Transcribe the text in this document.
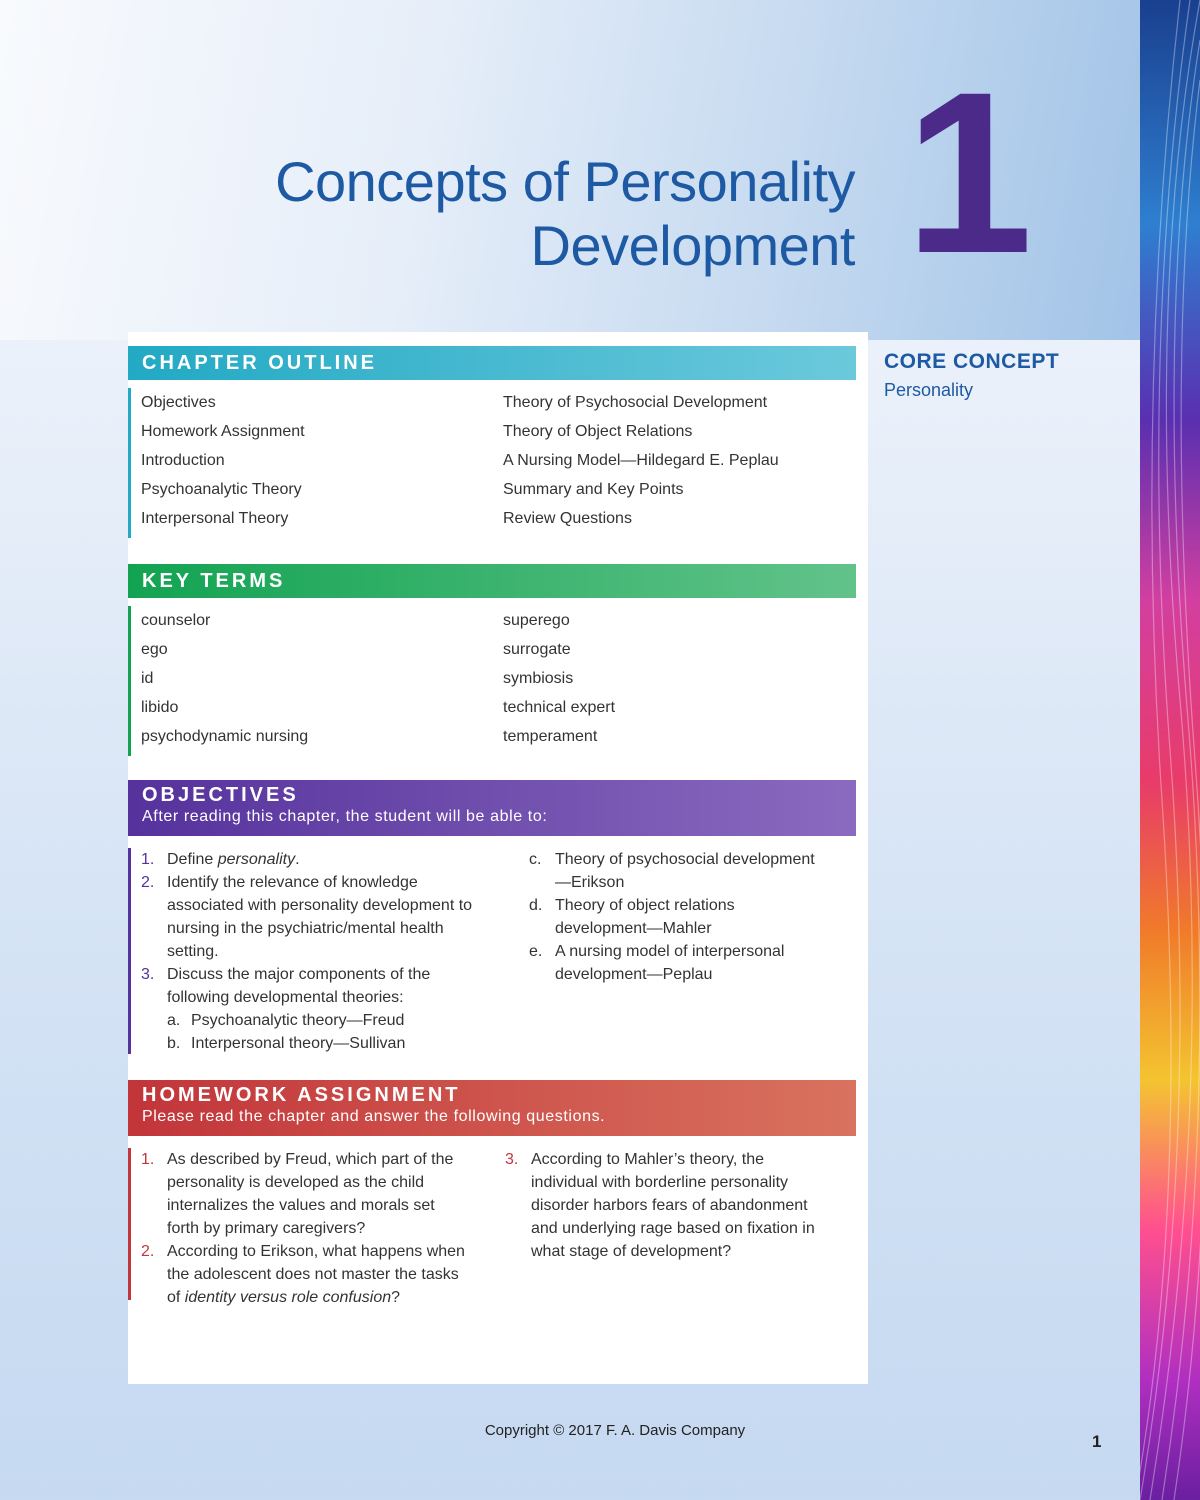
Concepts of Personality
Development 1
CHAPTER OUTLINE
Objectives
Homework Assignment
Introduction
Psychoanalytic Theory
Interpersonal Theory
Theory of Psychosocial Development
Theory of Object Relations
A Nursing Model—Hildegard E. Peplau
Summary and Key Points
Review Questions
KEY TERMS
counselor
ego
id
libido
psychodynamic nursing
superego
surrogate
symbiosis
technical expert
temperament
OBJECTIVES
After reading this chapter, the student will be able to:
1. Define personality.
2. Identify the relevance of knowledge associated with personality development to nursing in the psychiatric/mental health setting.
3. Discuss the major components of the following developmental theories:
a. Psychoanalytic theory—Freud
b. Interpersonal theory—Sullivan
c. Theory of psychosocial development—Erikson
d. Theory of object relations development—Mahler
e. A nursing model of interpersonal development—Peplau
HOMEWORK ASSIGNMENT
Please read the chapter and answer the following questions.
1. As described by Freud, which part of the personality is developed as the child internalizes the values and morals set forth by primary caregivers?
2. According to Erikson, what happens when the adolescent does not master the tasks of identity versus role confusion?
3. According to Mahler’s theory, the individual with borderline personality disorder harbors fears of abandonment and underlying rage based on fixation in what stage of development?
CORE CONCEPT
Personality
Copyright © 2017 F. A. Davis Company
1
